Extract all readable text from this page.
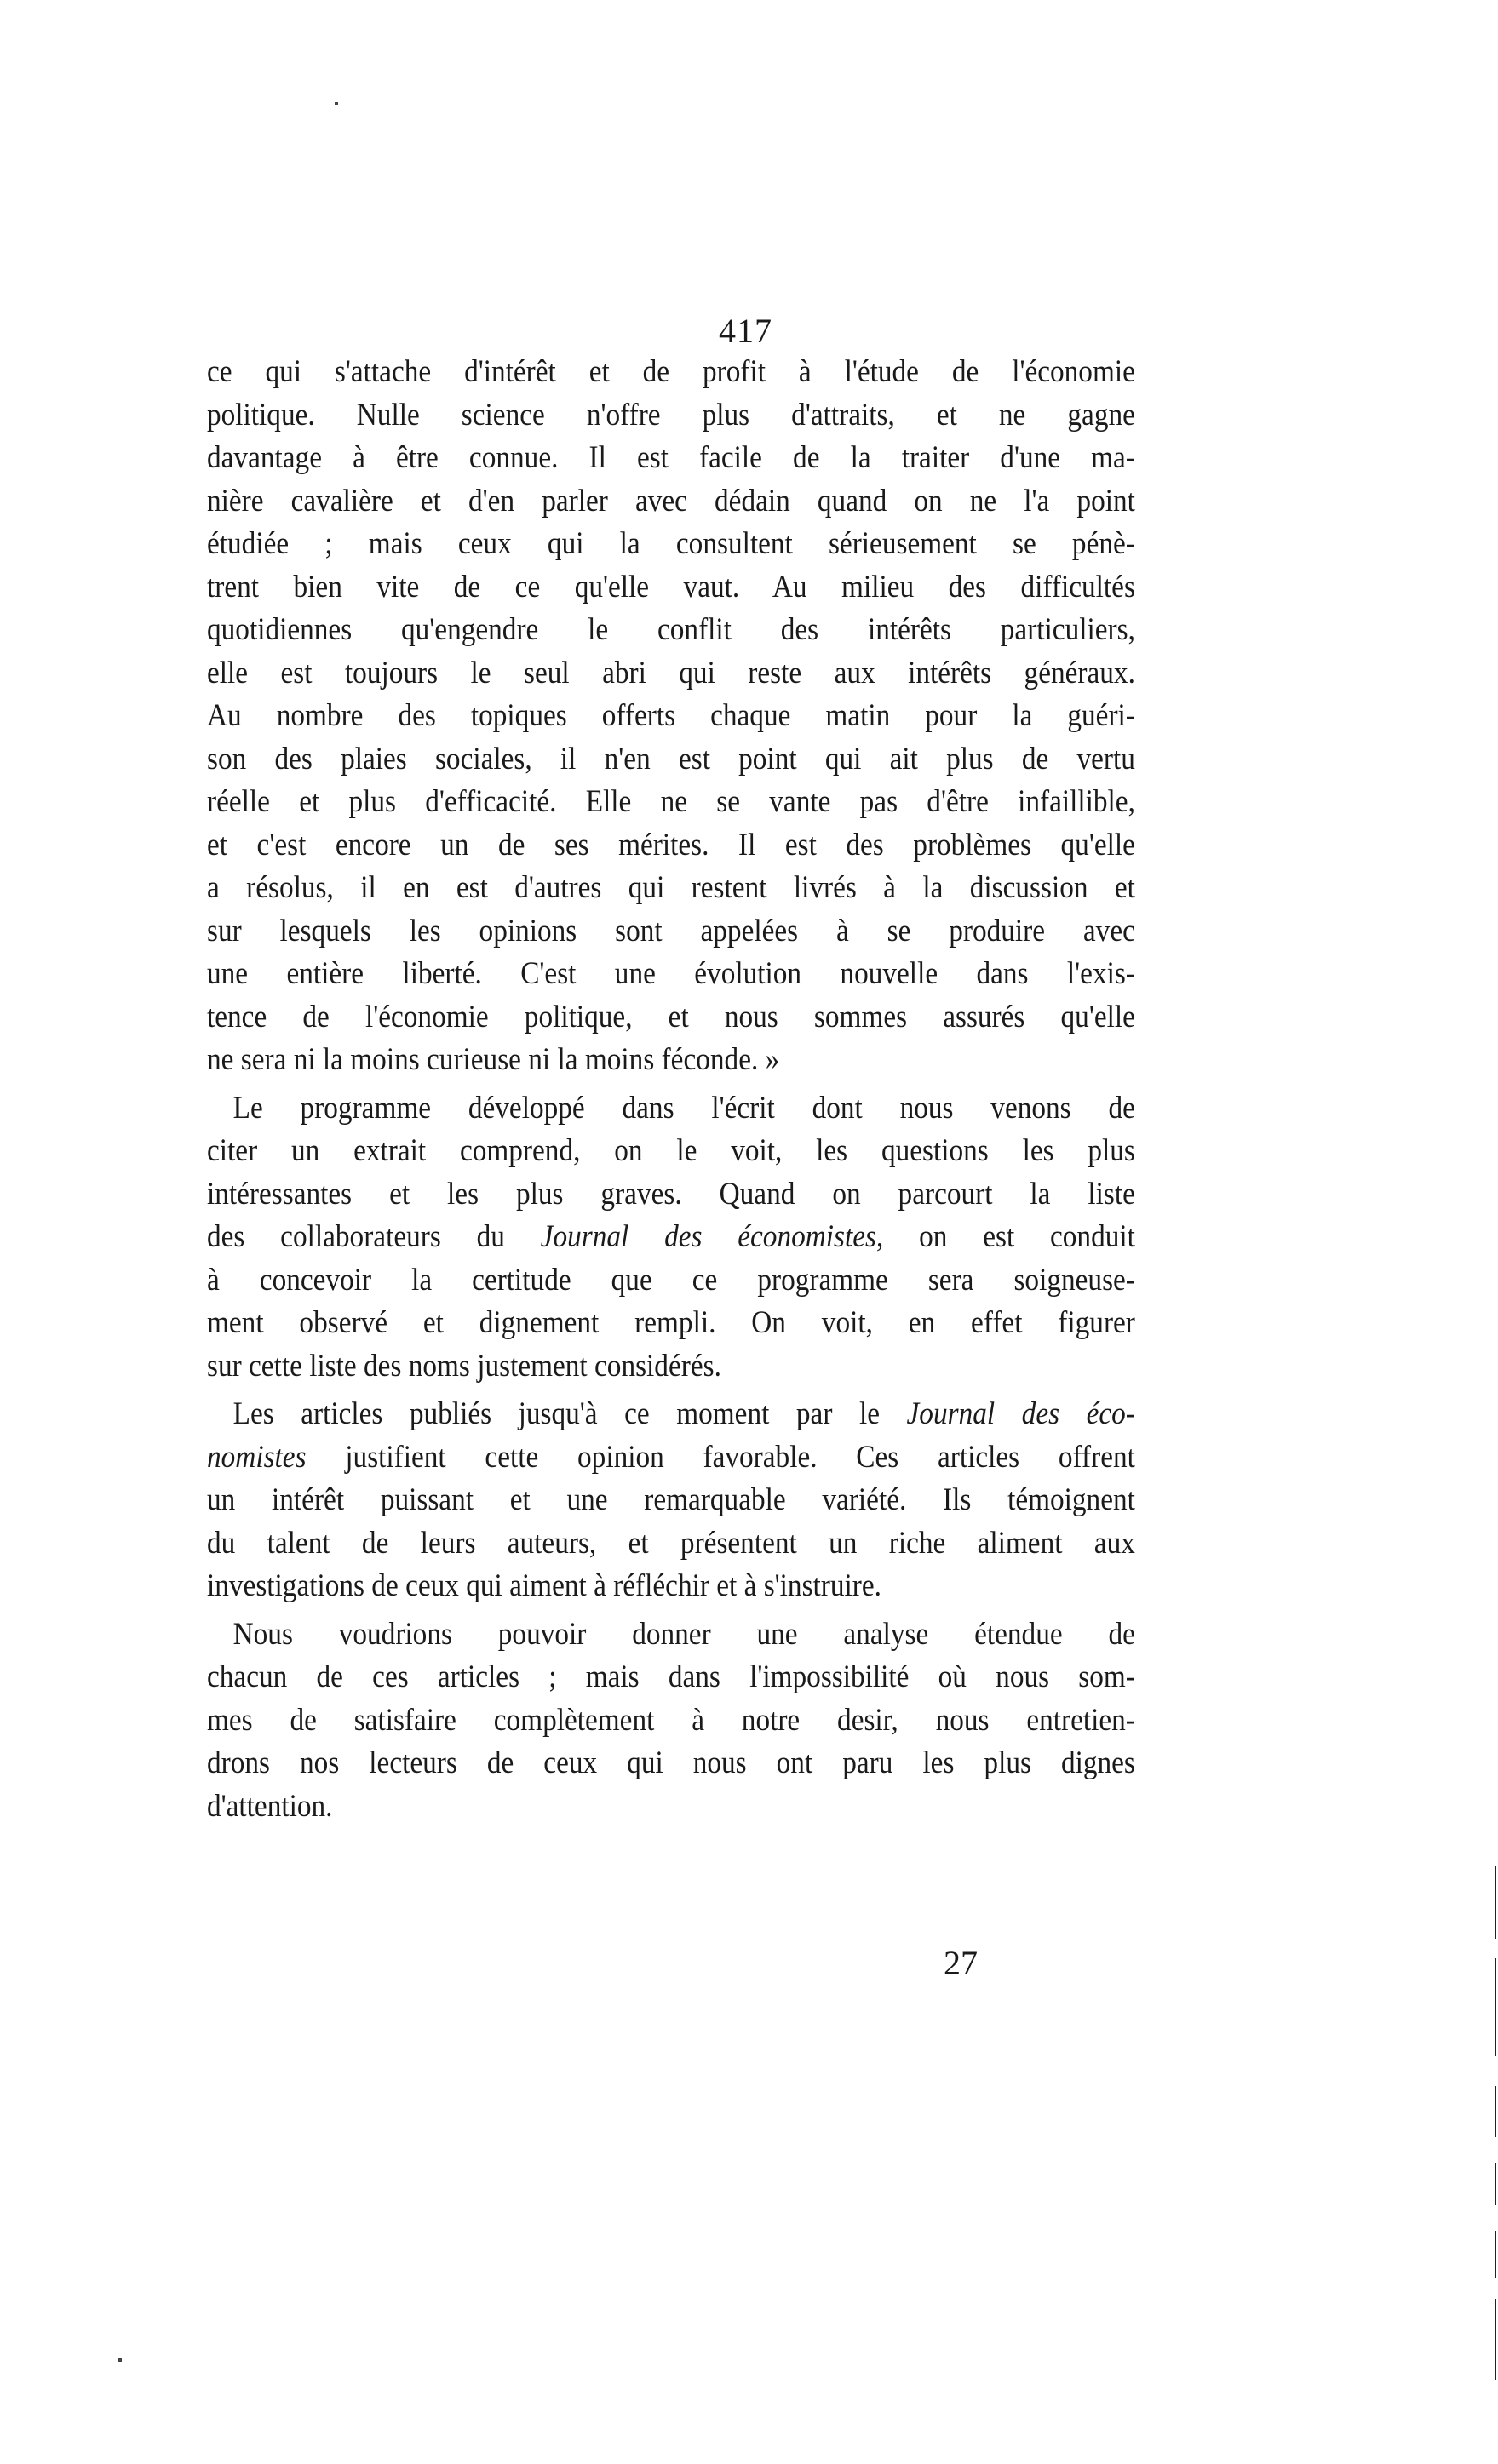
417
ce qui s'attache d'intérêt et de profit à l'étude de l'économie
politique. Nulle science n'offre plus d'attraits, et ne gagne
davantage à être connue. Il est facile de la traiter d'une ma-
nière cavalière et d'en parler avec dédain quand on ne l'a point
étudiée ; mais ceux qui la consultent sérieusement se pénè-
trent bien vite de ce qu'elle vaut. Au milieu des difficultés
quotidiennes qu'engendre le conflit des intérêts particuliers,
elle est toujours le seul abri qui reste aux intérêts généraux.
Au nombre des topiques offerts chaque matin pour la guéri-
son des plaies sociales, il n'en est point qui ait plus de vertu
réelle et plus d'efficacité. Elle ne se vante pas d'être infaillible,
et c'est encore un de ses mérites. Il est des problèmes qu'elle
a résolus, il en est d'autres qui restent livrés à la discussion et
sur lesquels les opinions sont appelées à se produire avec
une entière liberté. C'est une évolution nouvelle dans l'exis-
tence de l'économie politique, et nous sommes assurés qu'elle
ne sera ni la moins curieuse ni la moins féconde. »
Le programme développé dans l'écrit dont nous venons de
citer un extrait comprend, on le voit, les questions les plus
intéressantes et les plus graves. Quand on parcourt la liste
des collaborateurs du Journal des économistes, on est conduit
à concevoir la certitude que ce programme sera soigneuse-
ment observé et dignement rempli. On voit, en effet figurer
sur cette liste des noms justement considérés.
Les articles publiés jusqu'à ce moment par le Journal des éco-
nomistes justifient cette opinion favorable. Ces articles offrent
un intérêt puissant et une remarquable variété. Ils témoignent
du talent de leurs auteurs, et présentent un riche aliment aux
investigations de ceux qui aiment à réfléchir et à s'instruire.
Nous voudrions pouvoir donner une analyse étendue de
chacun de ces articles ; mais dans l'impossibilité où nous som-
mes de satisfaire complètement à notre desir, nous entretien-
drons nos lecteurs de ceux qui nous ont paru les plus dignes
d'attention.
27
